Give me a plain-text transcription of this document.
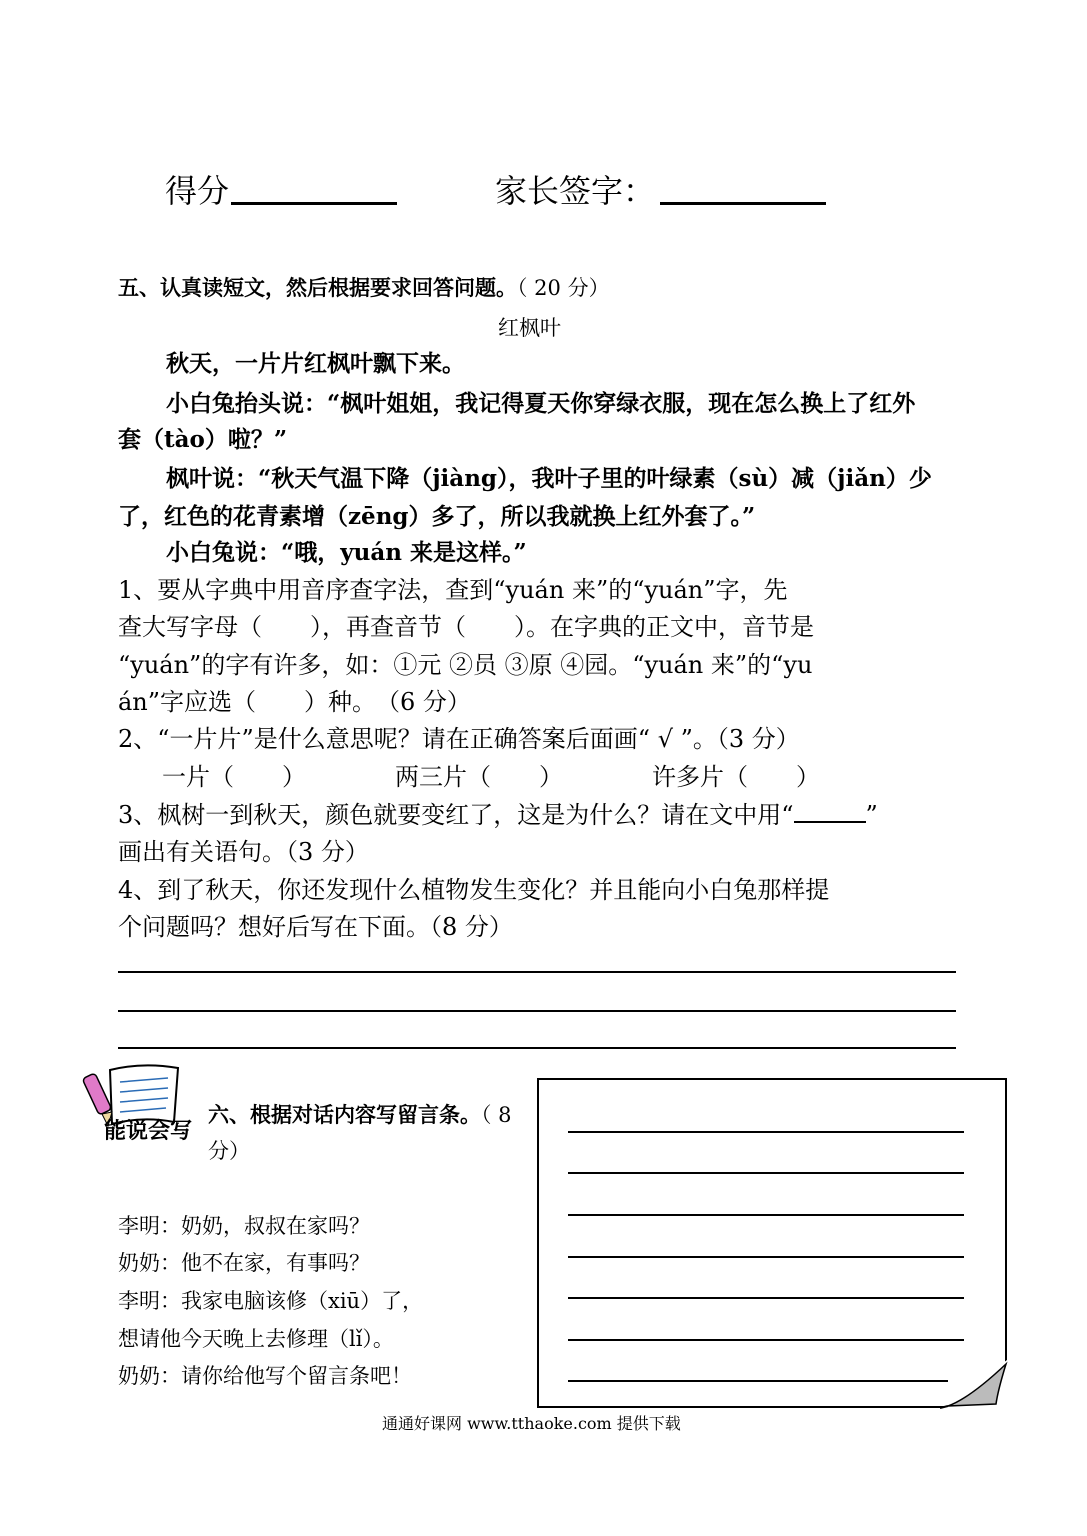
得分	家长签字：
五、认真读短文，然后根据要求回答问题。（ 20 分）
红枫叶
秋天，一片片红枫叶飘下来。
小白兔抬头说：“枫叶姐姐，我记得夏天你穿绿衣服，现在怎么换上了红外
套（tào）啦？”
枫叶说：“秋天气温下降（jiàng），我叶子里的叶绿素（sù）减（jiǎn）少
了，红色的花青素增（zēng）多了，所以我就换上红外套了。”
小白兔说：“哦，yuán 来是这样。”
1、要从字典中用音序查字法，查到“yuán 来”的“yuán”字，先
查大写字母（　　），再查音节（　　）。在字典的正文中，音节是
“yuán”的字有许多，如：①元 ②员 ③原 ④园。“yuán 来”的“yu
án”字应选（　　）种。　（6 分）
2、“一片片”是什么意思呢？请在正确答案后面画“ √ ”。（3 分）
一片（　　）	两三片（　　）	许多片（　　）
3、枫树一到秋天，颜色就要变红了，这是为什么？请在文中用“	”
画出有关语句。（3 分）
4、到了秋天，你还发现什么植物发生变化？并且能向小白兔那样提
个问题吗？想好后写在下面。（8 分）
能说会写
六、根据对话内容写留言条。（ 8
分）
李明：奶奶，叔叔在家吗？
奶奶：他不在家，有事吗？
李明：我家电脑该修（xiū）了，
想请他今天晚上去修理（lǐ）。
奶奶：请你给他写个留言条吧！
通通好课网 www.tthaoke.com 提供下载
